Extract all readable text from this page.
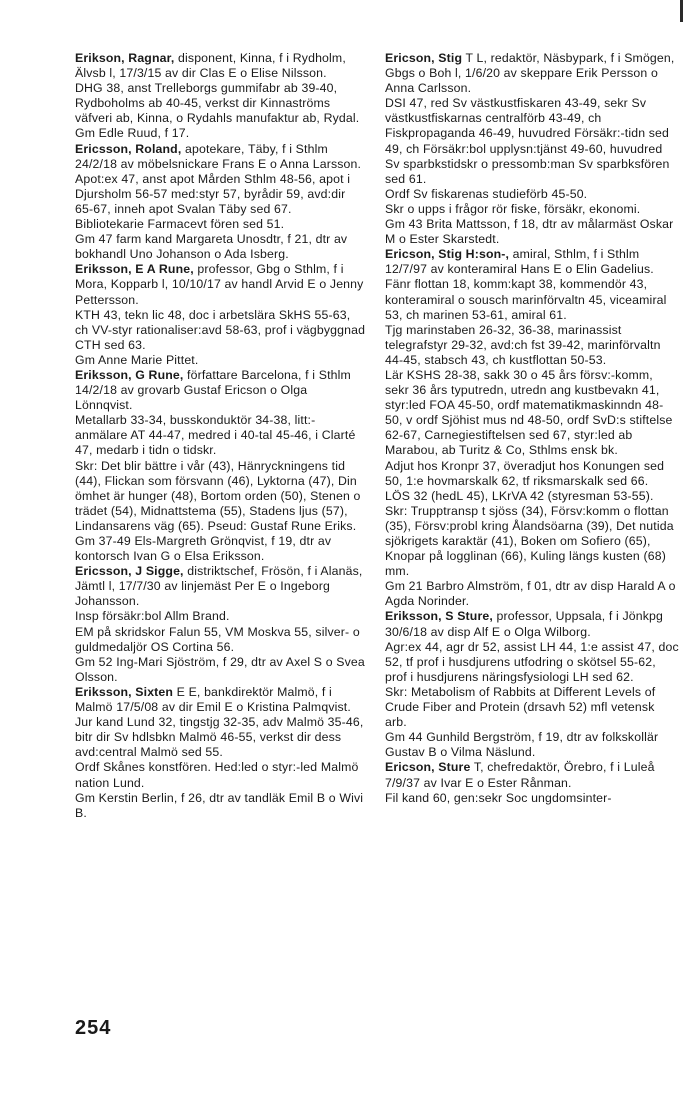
Erikson, Ragnar, disponent, Kinna, f i Rydholm, Älvsb l, 17/3/15 av dir Clas E o Elise Nilsson.

DHG 38, anst Trelleborgs gummifabr ab 39-40, Rydboholms ab 40-45, verkst dir Kinnaströms väfveri ab, Kinna, o Rydahls manufaktur ab, Rydal.

Gm Edle Ruud, f 17.

Ericsson, Roland, apotekare, Täby, f i Sthlm 24/2/18 av möbelsnickare Frans E o Anna Larsson.

Apot:ex 47, anst apot Mården Sthlm 48-56, apot i Djursholm 56-57 med:styr 57, byrådir 59, avd:dir 65-67, inneh apot Svalan Täby sed 67.

Bibliotekarie Farmacevt fören sed 51.

Gm 47 farm kand Margareta Unosdtr, f 21, dtr av bokhandl Uno Johanson o Ada Isberg.

Eriksson, E A Rune, professor, Gbg o Sthlm, f i Mora, Kopparb l, 10/10/17 av handl Arvid E o Jenny Pettersson.

KTH 43, tekn lic 48, doc i arbetslära SkHS 55-63, ch VV-styr rationaliser:avd 58-63, prof i vägbyggnad CTH sed 63.

Gm Anne Marie Pittet.

Eriksson, G Rune, författare Barcelona, f i Sthlm 14/2/18 av grovarb Gustaf Ericson o Olga Lönnqvist.

Metallarb 33-34, busskonduktör 34-38, litt:-anmälare AT 44-47, medred i 40-tal 45-46, i Clarté 47, medarb i tidn o tidskr.

Skr: Det blir bättre i vår (43), Hänryckningens tid (44), Flickan som försvann (46), Lyktorna (47), Din ömhet är hunger (48), Bortom orden (50), Stenen o trädet (54), Midnattstema (55), Stadens ljus (57), Lindansarens väg (65). Pseud: Gustaf Rune Eriks.

Gm 37-49 Els-Margreth Grönqvist, f 19, dtr av kontorsch Ivan G o Elsa Eriksson.

Ericsson, J Sigge, distriktschef, Frösön, f i Alanäs, Jämtl l, 17/7/30 av linjemäst Per E o Ingeborg Johansson.

Insp försäkr:bol Allm Brand.

EM på skridskor Falun 55, VM Moskva 55, silver- o guldmedaljör OS Cortina 56.

Gm 52 Ing-Mari Sjöström, f 29, dtr av Axel S o Svea Olsson.

Eriksson, Sixten E E, bankdirektör Malmö, f i Malmö 17/5/08 av dir Emil E o Kristina Palmqvist.

Jur kand Lund 32, tingstjg 32-35, adv Malmö 35-46, bitr dir Sv hdlsbkn Malmö 46-55, verkst dir dess avd:central Malmö sed 55.

Ordf Skånes konstfören. Hed:led o styr:-led Malmö nation Lund.

Gm Kerstin Berlin, f 26, dtr av tandläk Emil B o Wivi B.

Ericson, Stig T L, redaktör, Näsbypark, f i Smögen, Gbgs o Boh l, 1/6/20 av skeppare Erik Persson o Anna Carlsson.

DSI 47, red Sv västkustfiskaren 43-49, sekr Sv västkustfiskarnas centralförb 43-49, ch Fiskpropaganda 46-49, huvudred Försäkr:-tidn sed 49, ch Försäkr:bol upplysn:tjänst 49-60, huvudred Sv sparbkstidskr o pressomb:man Sv sparbksfören sed 61.

Ordf Sv fiskarenas studieförb 45-50.

Skr o upps i frågor rör fiske, försäkr, ekonomi.

Gm 43 Brita Mattsson, f 18, dtr av målarmäst Oskar M o Ester Skarstedt.

Ericson, Stig H:son-, amiral, Sthlm, f i Sthlm 12/7/97 av konteramiral Hans E o Elin Gadelius.

Fänr flottan 18, komm:kapt 38, kommendör 43, konteramiral o sousch marinförvaltn 45, viceamiral 53, ch marinen 53-61, amiral 61.

Tjg marinstaben 26-32, 36-38, marinassist telegrafstyr 29-32, avd:ch fst 39-42, marinförvaltn 44-45, stabsch 43, ch kustflottan 50-53.

Lär KSHS 28-38, sakk 30 o 45 års försv:-komm, sekr 36 års typutredn, utredn ang kustbevakn 41, styr:led FOA 45-50, ordf matematikmaskinndn 48-50, v ordf Sjöhist mus nd 48-50, ordf SvD:s stiftelse 62-67, Carnegiestiftelsen sed 67, styr:led ab Marabou, ab Turitz & Co, Sthlms ensk bk.

Adjut hos Kronpr 37, överadjut hos Konungen sed 50, 1:e hovmarskalk 62, tf riksmarskalk sed 66.

LÖS 32 (hedL 45), LKrVA 42 (styresman 53-55).

Skr: Trupptransp t sjöss (34), Försv:komm o flottan (35), Försv:probl kring Ålandsöarna (39), Det nutida sjökrigets karaktär (41), Boken om Sofiero (65), Knopar på logglinan (66), Kuling längs kusten (68) mm.

Gm 21 Barbro Almström, f 01, dtr av disp Harald A o Agda Norinder.

Eriksson, S Sture, professor, Uppsala, f i Jönkpg 30/6/18 av disp Alf E o Olga Wilborg.

Agr:ex 44, agr dr 52, assist LH 44, 1:e assist 47, doc 52, tf prof i husdjurens utfodring o skötsel 55-62, prof i husdjurens näringsfysiologi LH sed 62.

Skr: Metabolism of Rabbits at Different Levels of Crude Fiber and Protein (drsavh 52) mfl vetensk arb.

Gm 44 Gunhild Bergström, f 19, dtr av folkskollär Gustav B o Vilma Näslund.

Ericson, Sture T, chefredaktör, Örebro, f i Luleå 7/9/37 av Ivar E o Ester Rånman.

Fil kand 60, gen:sekr Soc ungdomsinter-

254
